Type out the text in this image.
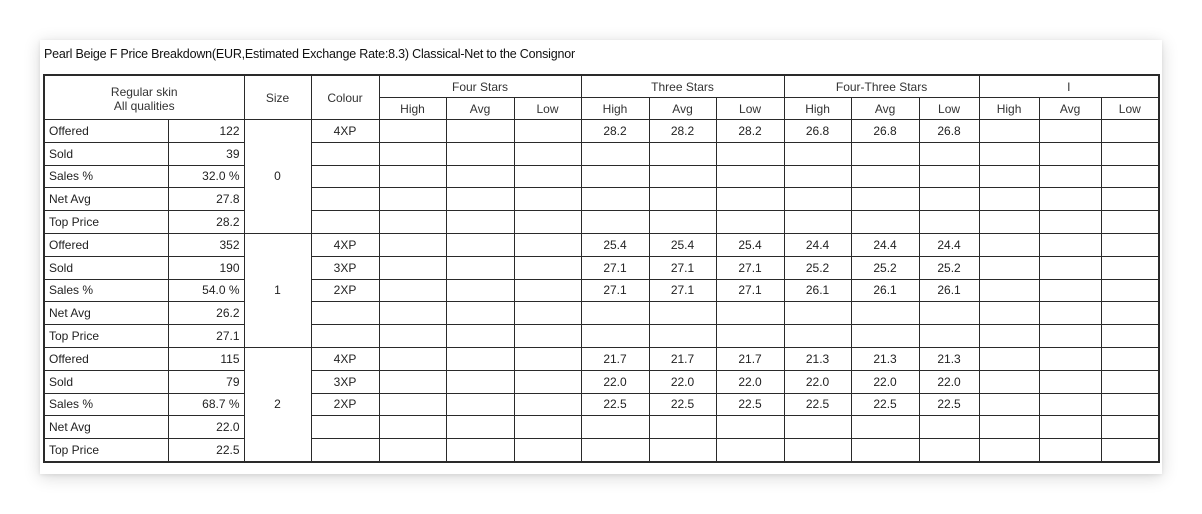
Pearl Beige F Price Breakdown(EUR,Estimated Exchange Rate:8.3) Classical-Net to the Consignor
Regular skin
All qualities		Size	Colour	Four Stars			Three Stars			Four-Three Stars			I		
				High	Avg	Low	High	Avg	Low	High	Avg	Low	High	Avg	Low
Offered	122	0	4XP				28.2	28.2	28.2	26.8	26.8	26.8			
Sold	39														
Sales %	32.0 %														
Net Avg	27.8														
Top Price	28.2														
Offered	352	1	4XP				25.4	25.4	25.4	24.4	24.4	24.4			
Sold	190		3XP				27.1	27.1	27.1	25.2	25.2	25.2			
Sales %	54.0 %		2XP				27.1	27.1	27.1	26.1	26.1	26.1			
Net Avg	26.2														
Top Price	27.1														
Offered	115	2	4XP				21.7	21.7	21.7	21.3	21.3	21.3			
Sold	79		3XP				22.0	22.0	22.0	22.0	22.0	22.0			
Sales %	68.7 %		2XP				22.5	22.5	22.5	22.5	22.5	22.5			
Net Avg	22.0														
Top Price	22.5														
